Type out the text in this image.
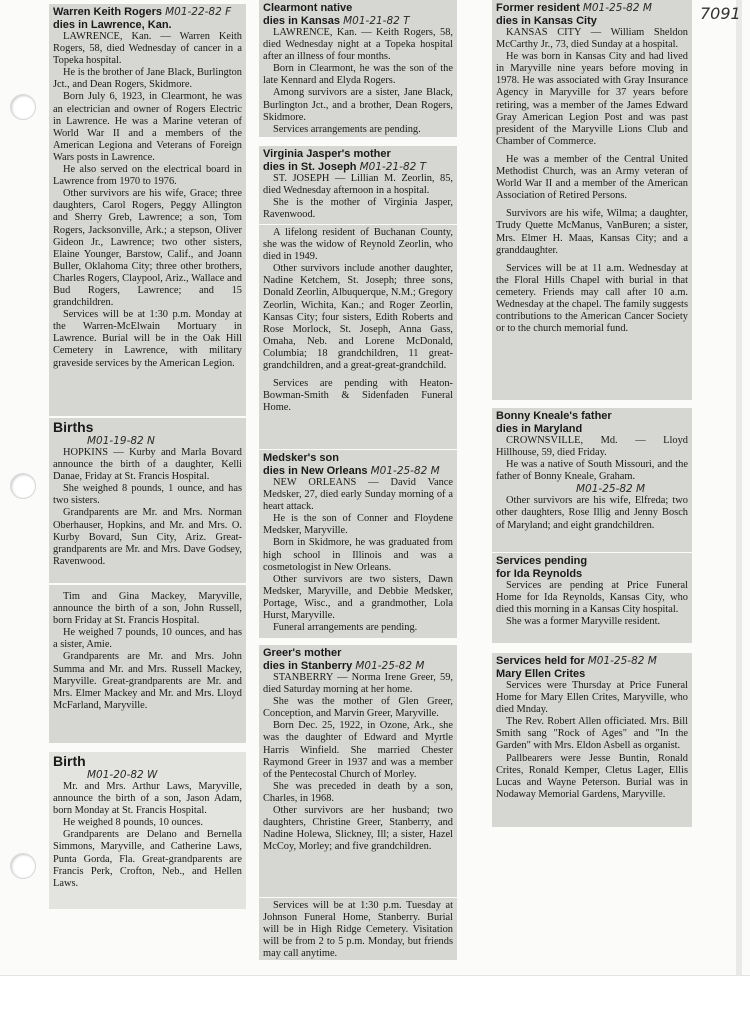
7091
Warren Keith Rogers M01-22-82 F
dies in Lawrence, Kan.

LAWRENCE, Kan. — Warren Keith Rogers, 58, died Wednesday of cancer in a Topeka hospital.

He is the brother of Jane Black, Burlington Jct., and Dean Rogers, Skidmore.

Born July 6, 1923, in Clearmont, he was an electrician and owner of Rogers Electric in Lawrence. He was a Marine veteran of World War II and a members of the American Legiona and Veterans of Foreign Wars posts in Lawrence.

He also served on the electrical board in Lawrence from 1970 to 1976.

Other survivors are his wife, Grace; three daughters, Carol Rogers, Peggy Allington and Sherry Greb, Lawrence; a son, Tom Rogers, Jacksonville, Ark.; a stepson, Oliver Gideon Jr., Lawrence; two other sisters, Elaine Younger, Barstow, Calif., and Joann Buller, Oklahoma City; three other brothers, Charles Rogers, Claypool, Ariz., Wallace and Bud Rogers, Lawrence; and 15 grandchildren.

Services will be at 1:30 p.m. Monday at the Warren-McElwain Mortuary in Lawrence. Burial will be in the Oak Hill Cemetery in Lawrence, with military graveside services by the American Legion.

Births
M01-19-82 N

HOPKINS — Kurby and Marla Bovard announce the birth of a daughter, Kelli Danae, Friday at St. Francis Hospital.

She weighed 8 pounds, 1 ounce, and has two sisters.

Grandparents are Mr. and Mrs. Norman Oberhauser, Hopkins, and Mr. and Mrs. O. Kurby Bovard, Sun City, Ariz. Great-grandparents are Mr. and Mrs. Dave Godsey, Ravenwood.

Tim and Gina Mackey, Maryville, announce the birth of a son, John Russell, born Friday at St. Francis Hospital.

He weighed 7 pounds, 10 ounces, and has a sister, Amie.

Grandparents are Mr. and Mrs. John Summa and Mr. and Mrs. Russell Mackey, Maryville. Great-grandparents are Mr. and Mrs. Elmer Mackey and Mr. and Mrs. Lloyd McFarland, Maryville.

Birth
M01-20-82 W

Mr. and Mrs. Arthur Laws, Maryville, announce the birth of a son, Jason Adam, born Monday at St. Francis Hospital.

He weighed 8 pounds, 10 ounces.

Grandparents are Delano and Bernella Simmons, Maryville, and Catherine Laws, Punta Gorda, Fla. Great-grandparents are Francis Perk, Crofton, Neb., and Hellen Laws.

Clearmont native
dies in Kansas M01-21-82 T

LAWRENCE, Kan. — Keith Rogers, 58, died Wednesday night at a Topeka hospital after an illness of four months.

Born in Clearmont, he was the son of the late Kennard and Elyda Rogers.

Among survivors are a sister, Jane Black, Burlington Jct., and a brother, Dean Rogers, Skidmore.

Services arrangements are pending.

Virginia Jasper's mother
dies in St. Joseph M01-21-82 T

ST. JOSEPH — Lillian M. Zeorlin, 85, died Wednesday afternoon in a hospital.

She is the mother of Virginia Jasper, Ravenwood.

A lifelong resident of Buchanan County, she was the widow of Reynold Zeorlin, who died in 1949.

Other survivors include another daughter, Nadine Ketchem, St. Joseph; three sons, Donald Zeorlin, Albuquerque, N.M.; Gregory Zeorlin, Wichita, Kan.; and Roger Zeorlin, Kansas City; four sisters, Edith Roberts and Rose Morlock, St. Joseph, Anna Gass, Omaha, Neb. and Lorene McDonald, Columbia; 18 grandchildren, 11 great-grandchildren, and a great-great-grandchild.

Services are pending with Heaton-Bowman-Smith & Sidenfaden Funeral Home.

Medsker's son
dies in New Orleans M01-25-82 M

NEW ORLEANS — David Vance Medsker, 27, died early Sunday morning of a heart attack.

He is the son of Conner and Floydene Medsker, Maryville.

Born in Skidmore, he was graduated from high school in Illinois and was a cosmetologist in New Orleans.

Other survivors are two sisters, Dawn Medsker, Maryville, and Debbie Medsker, Portage, Wisc., and a grandmother, Lola Hurst, Maryville.

Funeral arrangements are pending.

Greer's mother
dies in Stanberry M01-25-82 M

STANBERRY — Norma Irene Greer, 59, died Saturday morning at her home.

She was the mother of Glen Greer, Conception, and Marvin Greer, Maryville.

Born Dec. 25, 1922, in Ozone, Ark., she was the daughter of Edward and Myrtle Harris Winfield. She married Chester Raymond Greer in 1937 and was a member of the Pentecostal Church of Morley.

She was preceded in death by a son, Charles, in 1968.

Other survivors are her husband; two daughters, Christine Greer, Stanberry, and Nadine Holewa, Slickney, Ill; a sister, Hazel McCoy, Morley; and five grandchildren.

Services will be at 1:30 p.m. Tuesday at Johnson Funeral Home, Stanberry. Burial will be in High Ridge Cemetery. Visitation will be from 2 to 5 p.m. Monday, but friends may call anytime.

Former resident M01-25-82 M
dies in Kansas City

KANSAS CITY — William Sheldon McCarthy Jr., 73, died Sunday at a hospital.

He was born in Kansas City and had lived in Maryville nine years before moving in 1978. He was associated with Gray Insurance Agency in Maryville for 37 years before retiring, was a member of the James Edward Gray American Legion Post and was past president of the Maryville Lions Club and Chamber of Commerce.

He was a member of the Central United Methodist Church, was an Army veteran of World War II and a member of the American Association of Retired Persons.

Survivors are his wife, Wilma; a daughter, Trudy Quette McManus, VanBuren; a sister, Mrs. Elmer H. Maas, Kansas City; and a granddaughter.

Services will be at 11 a.m. Wednesday at the Floral Hills Chapel with burial in that cemetery. Friends may call after 10 a.m. Wednesday at the chapel. The family suggests contributions to the American Cancer Society or to the church memorial fund.

Bonny Kneale's father
dies in Maryland

CROWNSVILLE, Md. — Lloyd Hillhouse, 59, died Friday.

He was a native of South Missouri, and the father of Bonny Kneale, Graham.

M01-25-82 M

Other survivors are his wife, Elfreda; two other daughters, Rose Illig and Jenny Bosch of Maryland; and eight grandchildren.

Services pending
for Ida Reynolds

Services are pending at Price Funeral Home for Ida Reynolds, Kansas City, who died this morning in a Kansas City hospital.

She was a former Maryville resident.

Services held for M01-25-82 M
Mary Ellen Crites

Services were Thursday at Price Funeral Home for Mary Ellen Crites, Maryville, who died Mnday.

The Rev. Robert Allen officiated. Mrs. Bill Smith sang "Rock of Ages" and "In the Garden" with Mrs. Eldon Asbell as organist.

Pallbearers were Jesse Buntin, Ronald Crites, Ronald Kemper, Cletus Lager, Ellis Lucas and Wayne Peterson. Burial was in Nodaway Memorial Gardens, Maryville.
